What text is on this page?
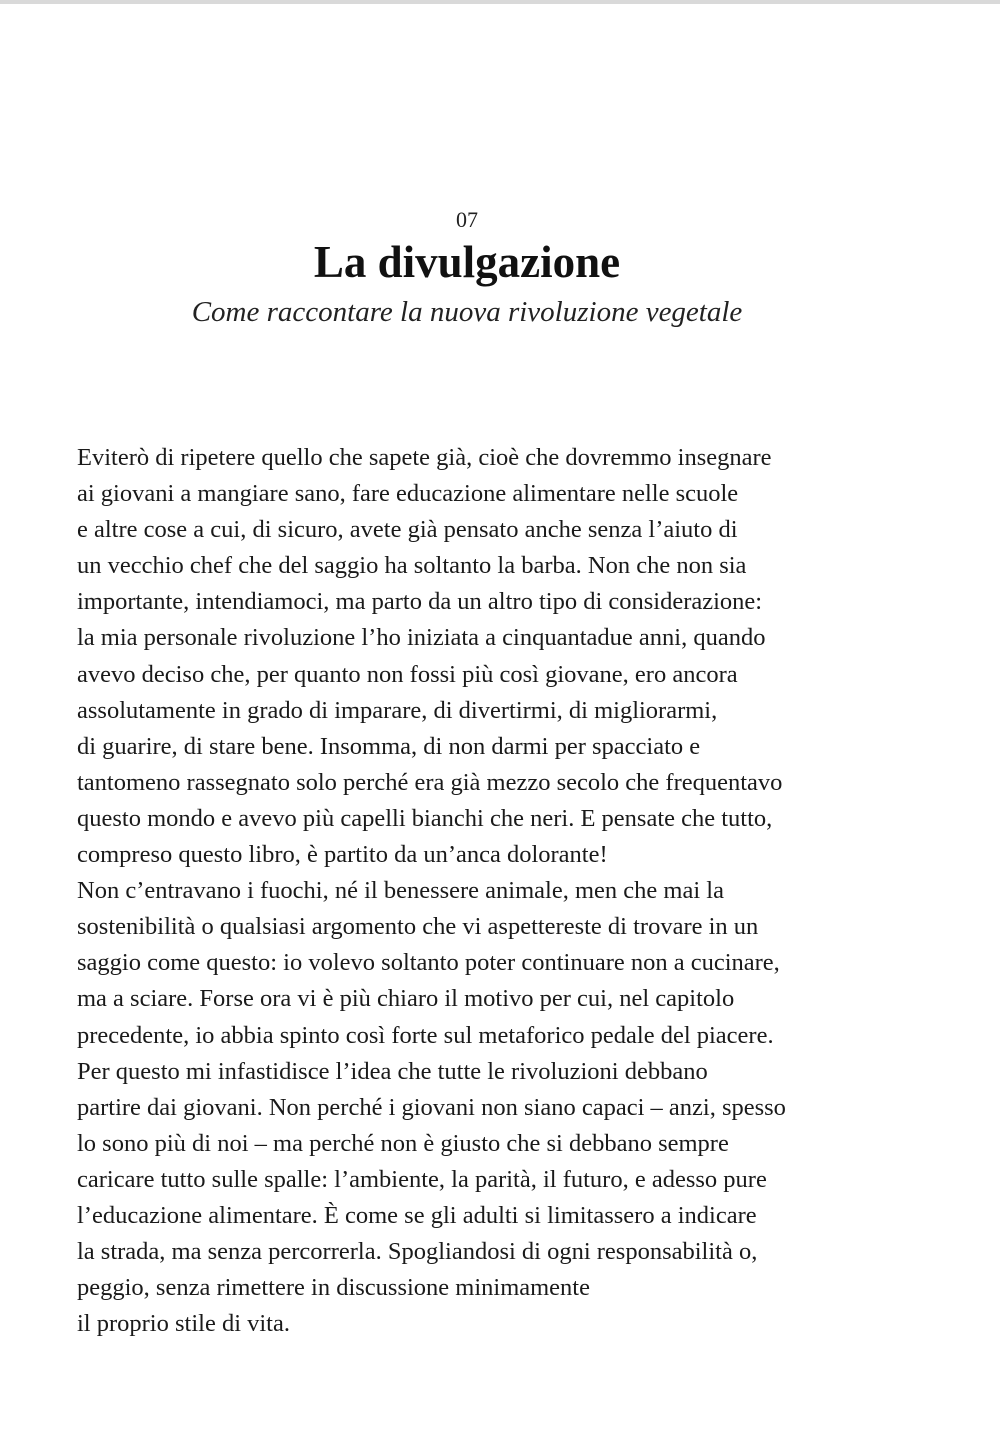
07
La divulgazione
Come raccontare la nuova rivoluzione vegetale
Eviterò di ripetere quello che sapete già, cioè che dovremmo insegnare
ai giovani a mangiare sano, fare educazione alimentare nelle scuole
e altre cose a cui, di sicuro, avete già pensato anche senza l’aiuto di
un vecchio chef che del saggio ha soltanto la barba. Non che non sia
importante, intendiamoci, ma parto da un altro tipo di considerazione:
la mia personale rivoluzione l’ho iniziata a cinquantadue anni, quando
avevo deciso che, per quanto non fossi più così giovane, ero ancora
assolutamente in grado di imparare, di divertirmi, di migliorarmi,
di guarire, di stare bene. Insomma, di non darmi per spacciato e
tantomeno rassegnato solo perché era già mezzo secolo che frequentavo
questo mondo e avevo più capelli bianchi che neri. E pensate che tutto,
compreso questo libro, è partito da un’anca dolorante!
Non c’entravano i fuochi, né il benessere animale, men che mai la
sostenibilità o qualsiasi argomento che vi aspettereste di trovare in un
saggio come questo: io volevo soltanto poter continuare non a cucinare,
ma a sciare. Forse ora vi è più chiaro il motivo per cui, nel capitolo
precedente, io abbia spinto così forte sul metaforico pedale del piacere.
Per questo mi infastidisce l’idea che tutte le rivoluzioni debbano
partire dai giovani. Non perché i giovani non siano capaci – anzi, spesso
lo sono più di noi – ma perché non è giusto che si debbano sempre
caricare tutto sulle spalle: l’ambiente, la parità, il futuro, e adesso pure
l’educazione alimentare. È come se gli adulti si limitassero a indicare
la strada, ma senza percorrerla. Spogliandosi di ogni responsabilità o,
peggio, senza rimettere in discussione minimamente
il proprio stile di vita.
